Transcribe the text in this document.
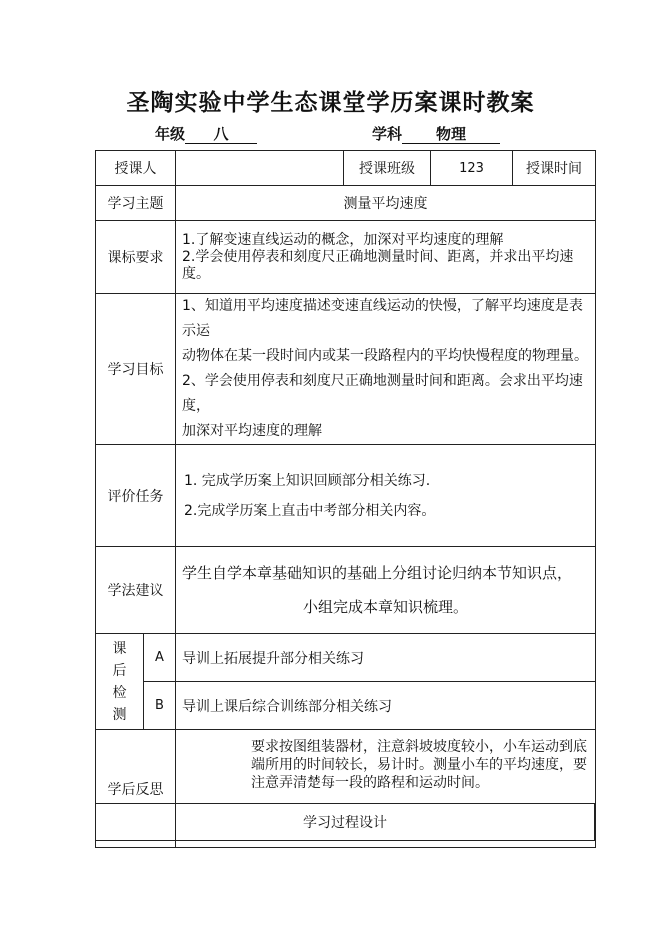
圣陶实验中学生态课堂学历案课时教案
年级 八	学科 物理
授课人			授课班级	123	授课时间
学习主题		测量平均速度			
课标要求		1.了解变速直线运动的概念，加深对平均速度的理解
2.学会使用停表和刻度尺正确地测量时间、距离，并求出平均速度。			

学习目标		1、知道用平均速度描述变速直线运动的快慢，了解平均速度是表示运
动物体在某一段时间内或某一段路程内的平均快慢程度的物理量。
2、学会使用停表和刻度尺正确地测量时间和距离。会求出平均速度，
加深对平均速度的理解			

评价任务		1. 完成学历案上知识回顾部分相关练习.
2.完成学历案上直击中考部分相关内容。			

学法建议		学生自学本章基础知识的基础上分组讨论归纳本节知识点，
小组完成本章知识梳理。			

课
后
检
测	A	导训上拓展提升部分相关练习			
	B	导训上课后综合训练部分相关练习			
学后反思		要求按图组装器材，注意斜坡坡度较小，小车运动到底端所用的时间较长，易计时。测量小车的平均速度，要注意弄清楚每一段的路程和运动时间。			
学习过程设计
